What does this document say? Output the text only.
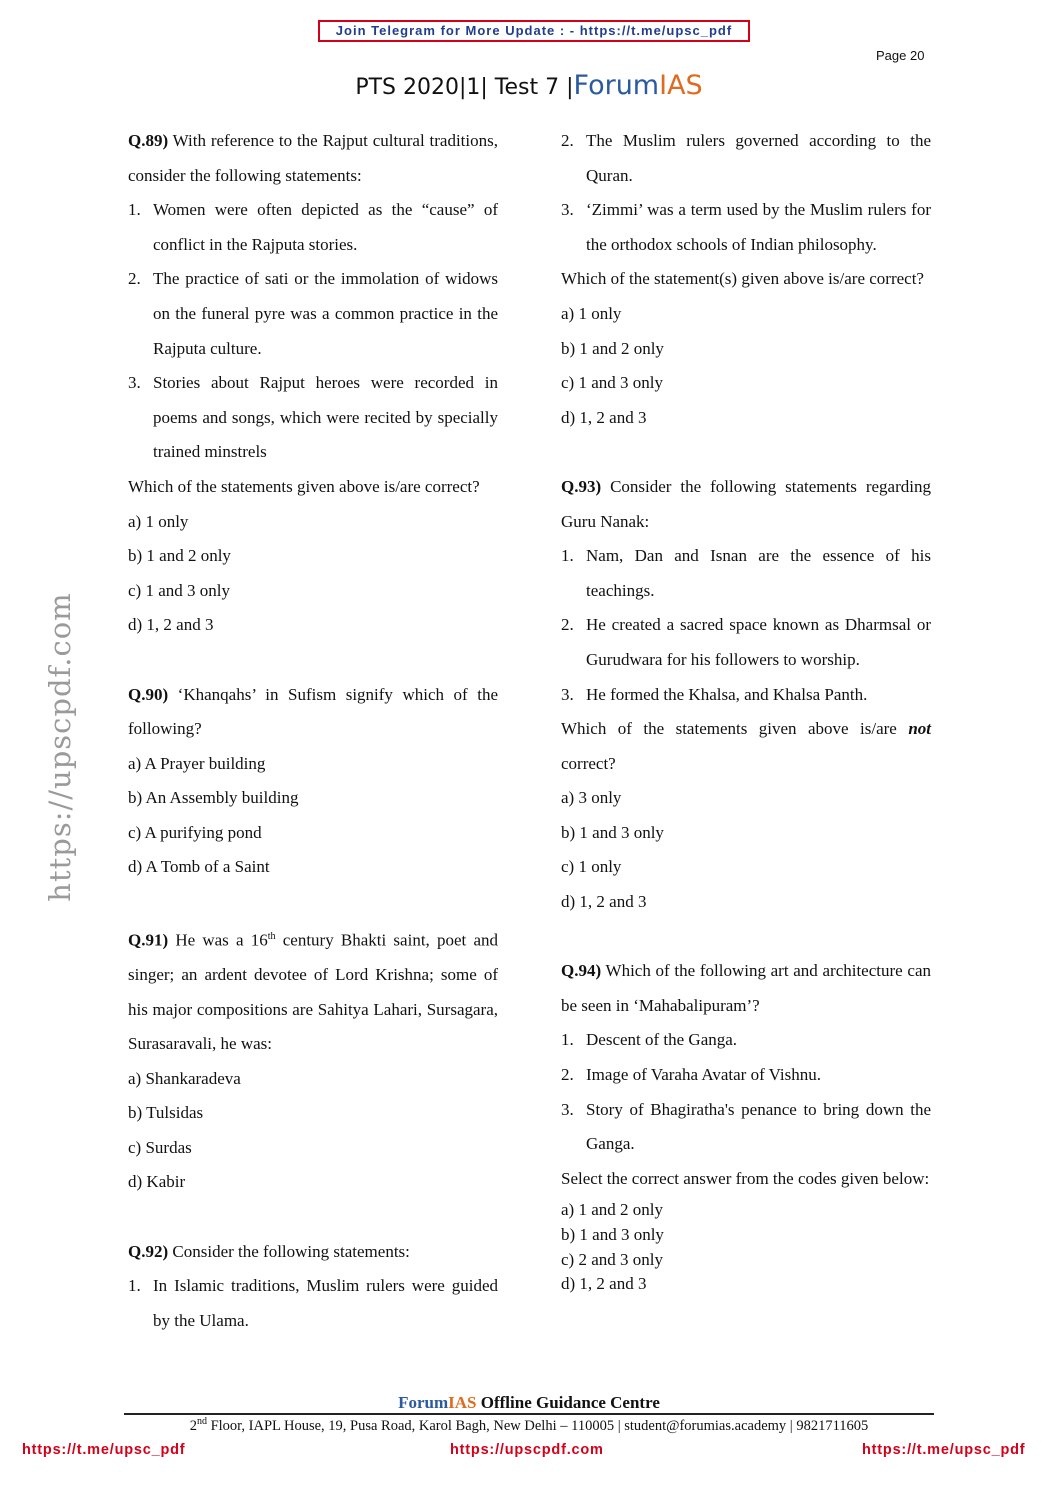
Join Telegram for More Update : - https://t.me/upsc_pdf
Page 20
PTS 2020|1| Test 7 |ForumIAS
https://upscpdf.com

Q.89) With reference to the Rajput cultural traditions, consider the following statements:

1. Women were often depicted as the “cause” of conflict in the Rajputa stories.
2. The practice of sati or the immolation of widows on the funeral pyre was a common practice in the Rajputa culture.
3. Stories about Rajput heroes were recorded in poems and songs, which were recited by specially trained minstrels

Which of the statements given above is/are correct?

a) 1 only
b) 1 and 2 only
c) 1 and 3 only
d) 1, 2 and 3

Q.90) ‘Khanqahs’ in Sufism signify which of the following?

a) A Prayer building
b) An Assembly building
c) A purifying pond
d) A Tomb of a Saint

Q.91) He was a 16th century Bhakti saint, poet and singer; an ardent devotee of Lord Krishna; some of his major compositions are Sahitya Lahari, Sursagara, Surasaravali, he was:

a) Shankaradeva
b) Tulsidas
c) Surdas
d) Kabir

Q.92) Consider the following statements:

1. In Islamic traditions, Muslim rulers were guided by the Ulama.
2. The Muslim rulers governed according to the Quran.
3. ‘Zimmi’ was a term used by the Muslim rulers for the orthodox schools of Indian philosophy.

Which of the statement(s) given above is/are correct?

a) 1 only
b) 1 and 2 only
c) 1 and 3 only
d) 1, 2 and 3

Q.93) Consider the following statements regarding Guru Nanak:

1. Nam, Dan and Isnan are the essence of his teachings.
2. He created a sacred space known as Dharmsal or Gurudwara for his followers to worship.
3. He formed the Khalsa, and Khalsa Panth.

Which of the statements given above is/are not correct?

a) 3 only
b) 1 and 3 only
c) 1 only
d) 1, 2 and 3

Q.94) Which of the following art and architecture can be seen in ‘Mahabalipuram’?

1. Descent of the Ganga.
2. Image of Varaha Avatar of Vishnu.
3. Story of Bhagiratha's penance to bring down the Ganga.

Select the correct answer from the codes given below:

a) 1 and 2 only
b) 1 and 3 only
c) 2 and 3 only
d) 1, 2 and 3
ForumIAS Offline Guidance Centre
2nd Floor, IAPL House, 19, Pusa Road, Karol Bagh, New Delhi – 110005 | student@forumias.academy | 9821711605
https://t.me/upsc_pdf	https://upscpdf.com	https://t.me/upsc_pdf
